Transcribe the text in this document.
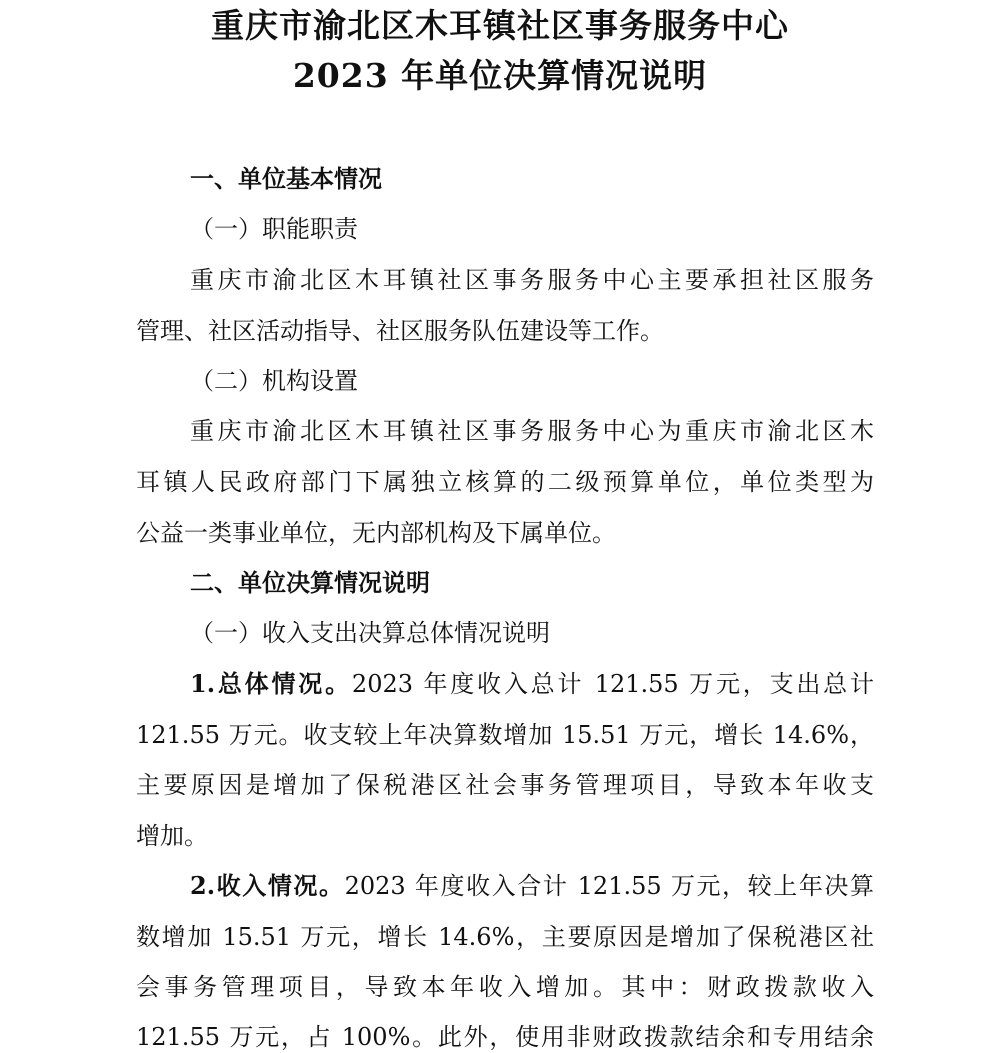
重庆市渝北区木耳镇社区事务服务中心
2023 年单位决算情况说明
一、单位基本情况
（一）职能职责
重庆市渝北区木耳镇社区事务服务中心主要承担社区服务
管理、社区活动指导、社区服务队伍建设等工作。
（二）机构设置
重庆市渝北区木耳镇社区事务服务中心为重庆市渝北区木
耳镇人民政府部门下属独立核算的二级预算单位，单位类型为
公益一类事业单位，无内部机构及下属单位。
二、单位决算情况说明
（一）收入支出决算总体情况说明
1.总体情况。2023 年度收入总计 121.55 万元，支出总计
121.55 万元。收支较上年决算数增加 15.51 万元，增长 14.6%，
主要原因是增加了保税港区社会事务管理项目，导致本年收支
增加。
2.收入情况。2023 年度收入合计 121.55 万元，较上年决算
数增加 15.51 万元，增长 14.6%，主要原因是增加了保税港区社
会事务管理项目，导致本年收入增加。其中：财政拨款收入
121.55 万元，占 100%。此外，使用非财政拨款结余和专用结余
